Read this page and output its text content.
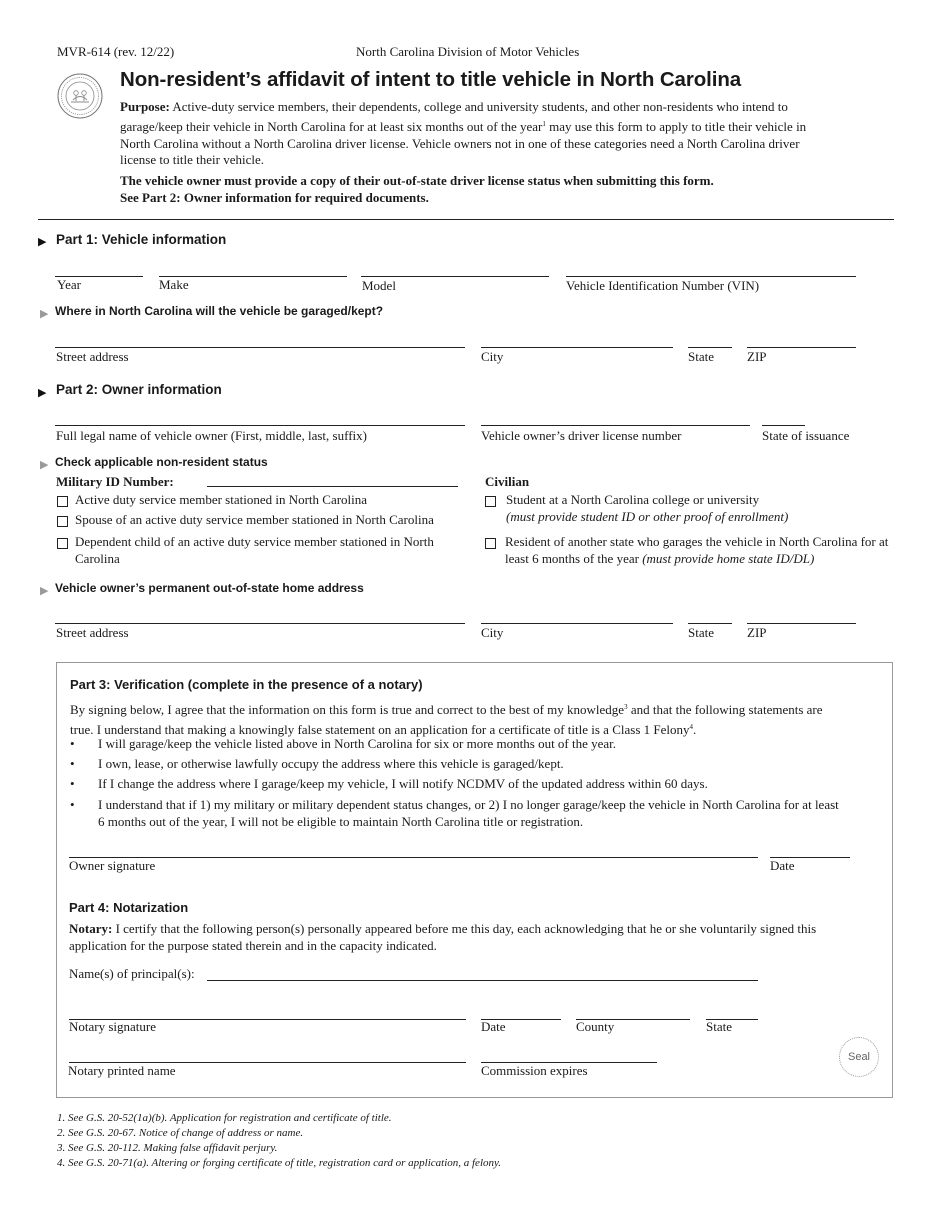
MVR-614 (rev. 12/22)	North Carolina Division of Motor Vehicles
Non-resident’s affidavit of intent to title vehicle in North Carolina
Purpose: Active-duty service members, their dependents, college and university students, and other non-residents who intend to garage/keep their vehicle in North Carolina for at least six months out of the year$^1$ may use this form to apply to title their vehicle in North Carolina without a North Carolina driver license. Vehicle owners not in one of these categories need a North Carolina driver license to title their vehicle.
The vehicle owner must provide a copy of their out-of-state driver license status when submitting this form.
See Part 2: Owner information for required documents.
▶ Part 1: Vehicle information
Year	Make	Model	Vehicle Identification Number (VIN)
▶ Where in North Carolina will the vehicle be garaged/kept?
Street address	City	State	ZIP
▶ Part 2: Owner information
Full legal name of vehicle owner (First, middle, last, suffix)	Vehicle owner’s driver license number	State of issuance
▶ Check applicable non-resident status
Military ID Number:
Active duty service member stationed in North Carolina
Spouse of an active duty service member stationed in North Carolina
Dependent child of an active duty service member stationed in North Carolina
Civilian
Student at a North Carolina college or university
(must provide student ID or other proof of enrollment)
Resident of another state who garages the vehicle in North Carolina for at least 6 months of the year (must provide home state ID/DL)
▶ Vehicle owner’s permanent out-of-state home address
Street address	City	State	ZIP
Part 3: Verification (complete in the presence of a notary)
By signing below, I agree that the information on this form is true and correct to the best of my knowledge$^3$ and that the following statements are true. I understand that making a knowingly false statement on an application for a certificate of title is a Class 1 Felony$^4$.
• I will garage/keep the vehicle listed above in North Carolina for six or more months out of the year.
• I own, lease, or otherwise lawfully occupy the address where this vehicle is garaged/kept.
• If I change the address where I garage/keep my vehicle, I will notify NCDMV of the updated address within 60 days.
• I understand that if 1) my military or military dependent status changes, or 2) I no longer garage/keep the vehicle in North Carolina for at least 6 months out of the year, I will not be eligible to maintain North Carolina title or registration.
Owner signature	Date
Part 4: Notarization
Notary: I certify that the following person(s) personally appeared before me this day, each acknowledging that he or she voluntarily signed this application for the purpose stated therein and in the capacity indicated.
Name(s) of principal(s):
Notary signature	Date	County	State
Notary printed name	Commission expires
Seal
1. See G.S. 20-52(1a)(b). Application for registration and certificate of title.
2. See G.S. 20-67. Notice of change of address or name.
3. See G.S. 20-112. Making false affidavit perjury.
4. See G.S. 20-71(a). Altering or forging certificate of title, registration card or application, a felony.
